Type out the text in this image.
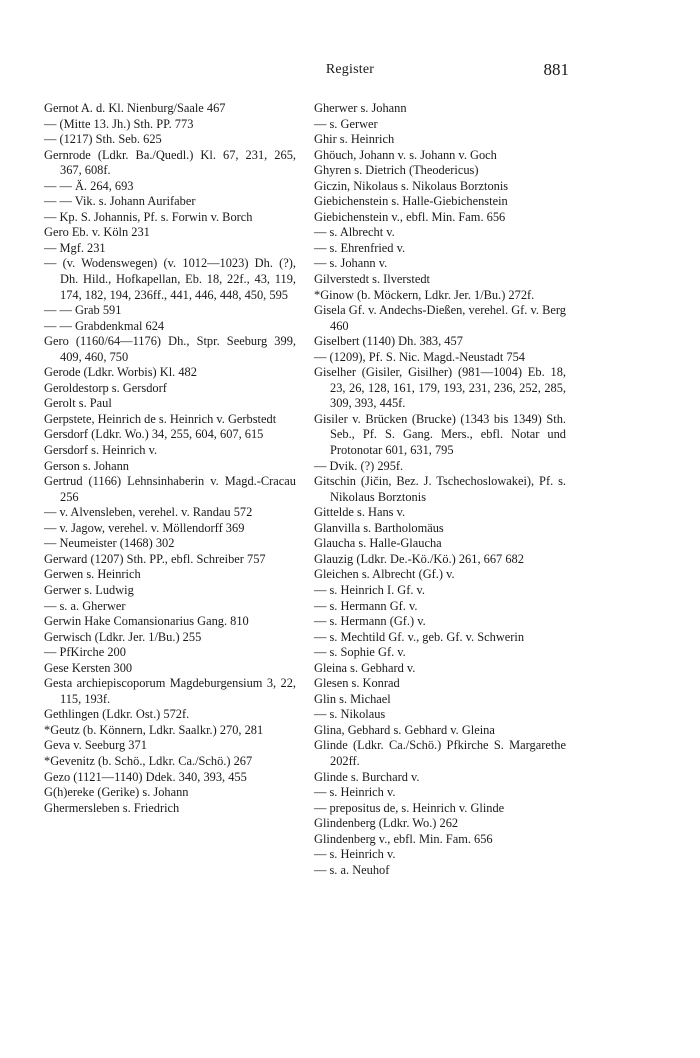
Register	881
Gernot A. d. Kl. Nienburg/Saale 467
— (Mitte 13. Jh.) Sth. PP. 773
— (1217) Sth. Seb. 625
Gernrode (Ldkr. Ba./Quedl.) Kl. 67, 231, 265, 367, 608f.
— — Ä. 264, 693
— — Vik. s. Johann Aurifaber
— Kp. S. Johannis, Pf. s. Forwin v. Borch
Gero Eb. v. Köln 231
— Mgf. 231
— (v. Wodenswegen) (v. 1012—1023) Dh. (?), Dh. Hild., Hofkapellan, Eb. 18, 22f., 43, 119, 174, 182, 194, 236ff., 441, 446, 448, 450, 595
— — Grab 591
— — Grabdenkmal 624
Gero (1160/64—1176) Dh., Stpr. Seeburg 399, 409, 460, 750
Gerode (Ldkr. Worbis) Kl. 482
Geroldestorp s. Gersdorf
Gerolt s. Paul
Gerpstete, Heinrich de s. Heinrich v. Gerbstedt
Gersdorf (Ldkr. Wo.) 34, 255, 604, 607, 615
Gersdorf s. Heinrich v.
Gerson s. Johann
Gertrud (1166) Lehnsinhaberin v. Magd.-Cracau 256
— v. Alvensleben, verehel. v. Randau 572
— v. Jagow, verehel. v. Möllendorff 369
— Neumeister (1468) 302
Gerward (1207) Sth. PP., ebfl. Schreiber 757
Gerwen s. Heinrich
Gerwer s. Ludwig
— s. a. Gherwer
Gerwin Hake Comansionarius Gang. 810
Gerwisch (Ldkr. Jer. 1/Bu.) 255
— PfKirche 200
Gese Kersten 300
Gesta archiepiscoporum Magdeburgensium 3, 22, 115, 193f.
Gethlingen (Ldkr. Ost.) 572f.
*Geutz (b. Könnern, Ldkr. Saalkr.) 270, 281
Geva v. Seeburg 371
*Gevenitz (b. Schö., Ldkr. Ca./Schö.) 267
Gezo (1121—1140) Ddek. 340, 393, 455
G(h)ereke (Gerike) s. Johann
Ghermersleben s. Friedrich
Gherwer s. Johann
— s. Gerwer
Ghir s. Heinrich
Ghöuch, Johann v. s. Johann v. Goch
Ghyren s. Dietrich (Theodericus)
Giczin, Nikolaus s. Nikolaus Borztonis
Giebichenstein s. Halle-Giebichenstein
Giebichenstein v., ebfl. Min. Fam. 656
— s. Albrecht v.
— s. Ehrenfried v.
— s. Johann v.
Gilverstedt s. Ilverstedt
*Ginow (b. Möckern, Ldkr. Jer. 1/Bu.) 272f.
Gisela Gf. v. Andechs-Dießen, verehel. Gf. v. Berg 460
Giselbert (1140) Dh. 383, 457
— (1209), Pf. S. Nic. Magd.-Neustadt 754
Giselher (Gisiler, Gisilher) (981—1004) Eb. 18, 23, 26, 128, 161, 179, 193, 231, 236, 252, 285, 309, 393, 445f.
Gisiler v. Brücken (Brucke) (1343 bis 1349) Sth. Seb., Pf. S. Gang. Mers., ebfl. Notar und Protonotar 601, 631, 795
— Dvik. (?) 295f.
Gitschin (Jičin, Bez. J. Tschechoslowakei), Pf. s. Nikolaus Borztonis
Gittelde s. Hans v.
Glanvilla s. Bartholomäus
Glaucha s. Halle-Glaucha
Glauzig (Ldkr. De.-Kö./Kö.) 261, 667 682
Gleichen s. Albrecht (Gf.) v.
— s. Heinrich I. Gf. v.
— s. Hermann Gf. v.
— s. Hermann (Gf.) v.
— s. Mechtild Gf. v., geb. Gf. v. Schwerin
— s. Sophie Gf. v.
Gleina s. Gebhard v.
Glesen s. Konrad
Glin s. Michael
— s. Nikolaus
Glina, Gebhard s. Gebhard v. Gleina
Glinde (Ldkr. Ca./Schö.) Pfkirche S. Margarethe 202ff.
Glinde s. Burchard v.
— s. Heinrich v.
— prepositus de, s. Heinrich v. Glinde
Glindenberg (Ldkr. Wo.) 262
Glindenberg v., ebfl. Min. Fam. 656
— s. Heinrich v.
— s. a. Neuhof
